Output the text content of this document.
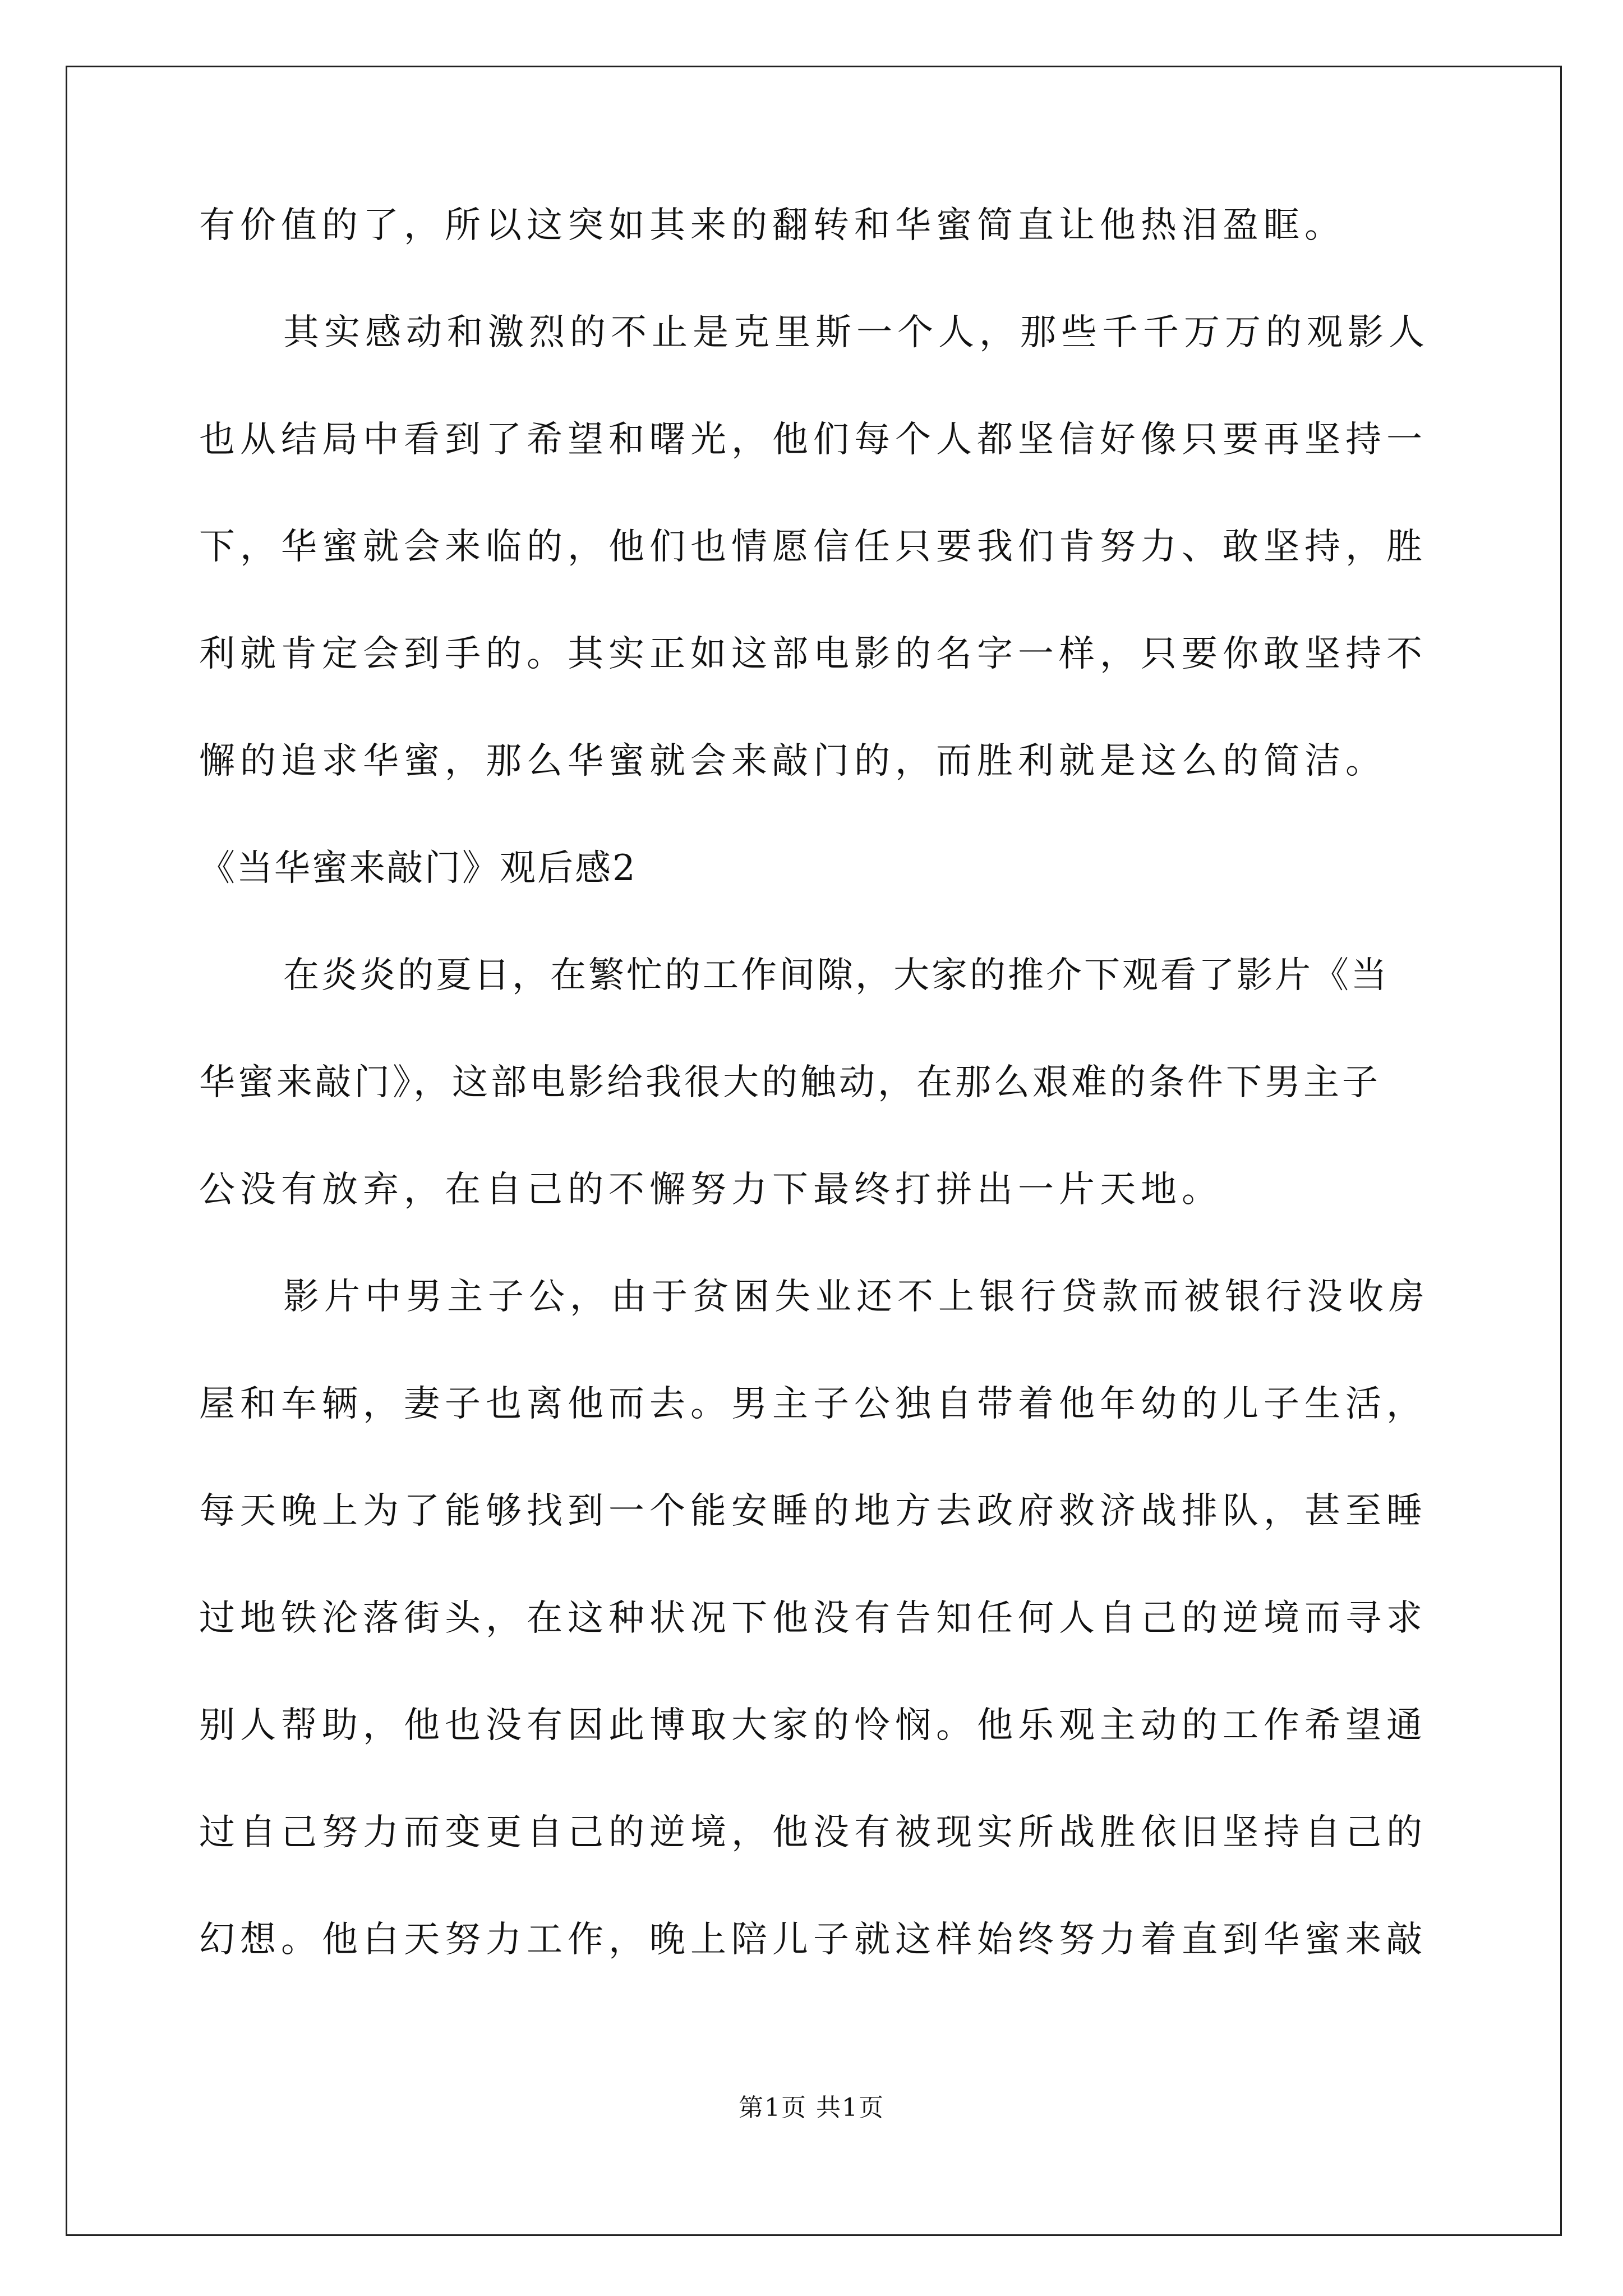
有价值的了，所以这突如其来的翻转和华蜜简直让他热泪盈眶。
其实感动和激烈的不止是克里斯一个人，那些千千万万的观影人
也从结局中看到了希望和曙光，他们每个人都坚信好像只要再坚持一
下，华蜜就会来临的，他们也情愿信任只要我们肯努力、敢坚持，胜
利就肯定会到手的。其实正如这部电影的名字一样，只要你敢坚持不
懈的追求华蜜，那么华蜜就会来敲门的，而胜利就是这么的简洁。
《当华蜜来敲门》观后感2
在炎炎的夏日，在繁忙的工作间隙，大家的推介下观看了影片《当
华蜜来敲门》，这部电影给我很大的触动，在那么艰难的条件下男主子
公没有放弃，在自己的不懈努力下最终打拼出一片天地。
影片中男主子公，由于贫困失业还不上银行贷款而被银行没收房
屋和车辆，妻子也离他而去。男主子公独自带着他年幼的儿子生活，
每天晚上为了能够找到一个能安睡的地方去政府救济战排队，甚至睡
过地铁沦落街头，在这种状况下他没有告知任何人自己的逆境而寻求
别人帮助，他也没有因此博取大家的怜悯。他乐观主动的工作希望通
过自己努力而变更自己的逆境，他没有被现实所战胜依旧坚持自己的
幻想。他白天努力工作，晚上陪儿子就这样始终努力着直到华蜜来敲
第1页 共1页
